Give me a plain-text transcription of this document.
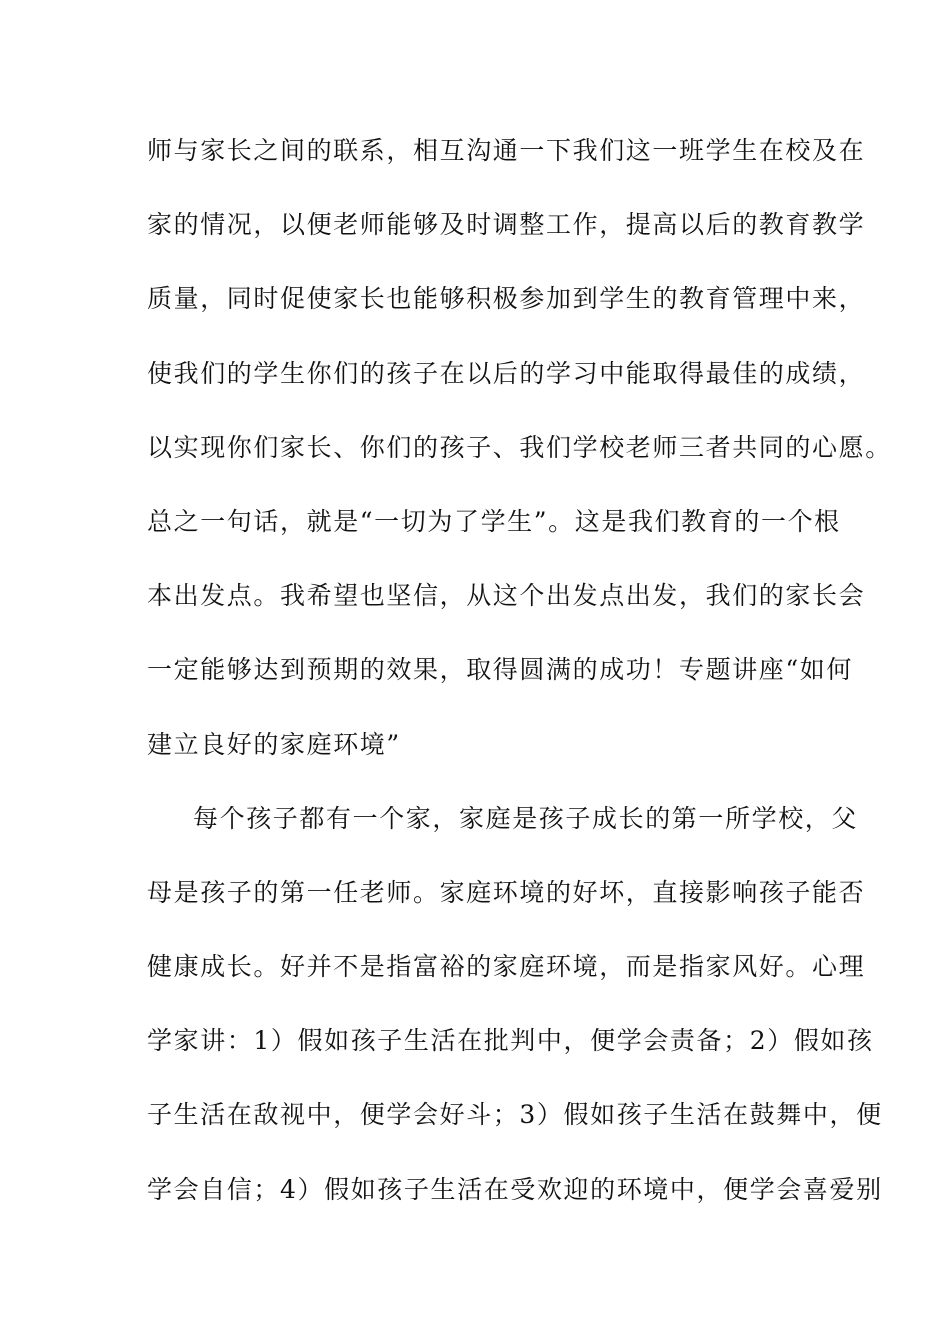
师与家长之间的联系，相互沟通一下我们这一班学生在校及在
家的情况，以便老师能够及时调整工作，提高以后的教育教学
质量，同时促使家长也能够积极参加到学生的教育管理中来，
使我们的学生你们的孩子在以后的学习中能取得最佳的成绩，
以实现你们家长、你们的孩子、我们学校老师三者共同的心愿。
总之一句话，就是“一切为了学生”。这是我们教育的一个根
本出发点。我希望也坚信，从这个出发点出发，我们的家长会
一定能够达到预期的效果，取得圆满的成功！专题讲座“如何
建立良好的家庭环境”
每个孩子都有一个家，家庭是孩子成长的第一所学校，父
母是孩子的第一任老师。家庭环境的好坏，直接影响孩子能否
健康成长。好并不是指富裕的家庭环境，而是指家风好。心理
学家讲：1）假如孩子生活在批判中，便学会责备；2）假如孩
子生活在敌视中，便学会好斗；3）假如孩子生活在鼓舞中，便
学会自信；4）假如孩子生活在受欢迎的环境中，便学会喜爱别
